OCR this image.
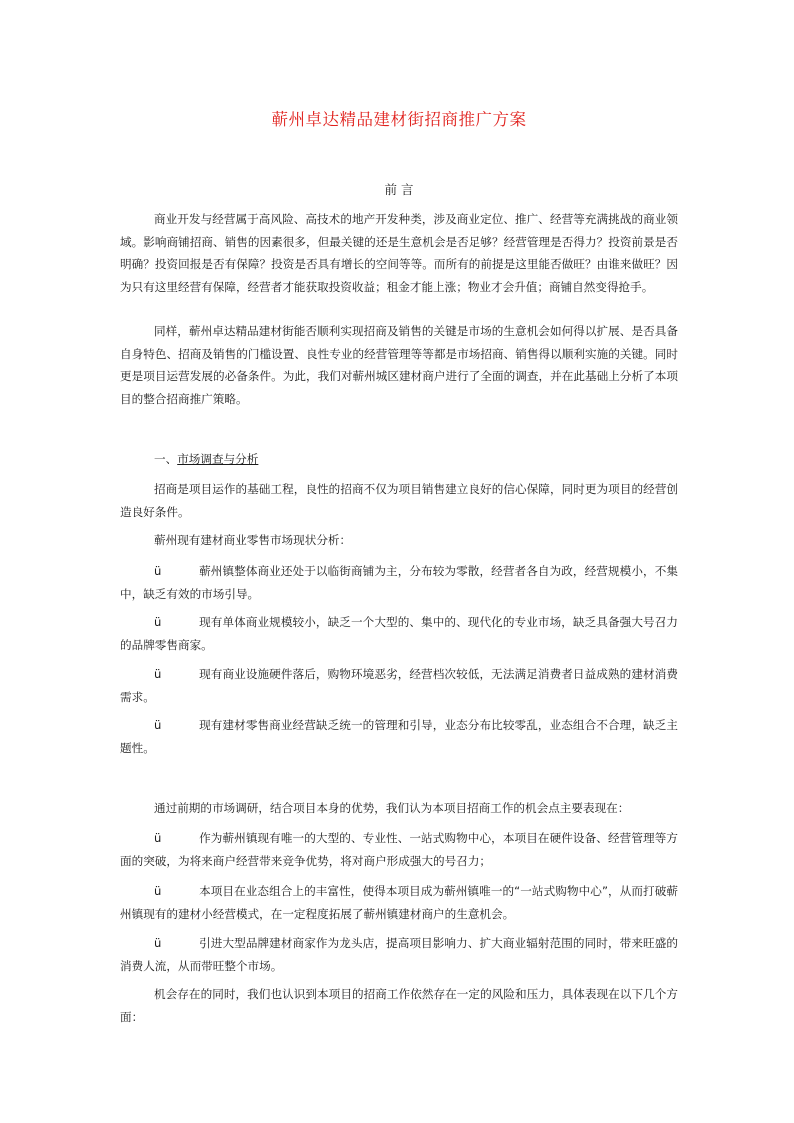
蕲州卓达精品建材街招商推广方案
前 言

商业开发与经营属于高风险、高技术的地产开发种类，涉及商业定位、推广、经营等充满挑战的商业领域。影响商铺招商、销售的因素很多，但最关键的还是生意机会是否足够？经营管理是否得力？投资前景是否明确？投资回报是否有保障？投资是否具有增长的空间等等。而所有的前提是这里能否做旺？由谁来做旺？因为只有这里经营有保障，经营者才能获取投资收益；租金才能上涨；物业才会升值；商铺自然变得抢手。

同样，蕲州卓达精品建材街能否顺利实现招商及销售的关键是市场的生意机会如何得以扩展、是否具备自身特色、招商及销售的门槛设置、良性专业的经营管理等等都是市场招商、销售得以顺利实施的关键。同时更是项目运营发展的必备条件。为此，我们对蕲州城区建材商户进行了全面的调查，并在此基础上分析了本项目的整合招商推广策略。

一、市场调查与分析

招商是项目运作的基础工程，良性的招商不仅为项目销售建立良好的信心保障，同时更为项目的经营创造良好条件。

蕲州现有建材商业零售市场现状分析：

ü	蕲州镇整体商业还处于以临街商铺为主，分布较为零散，经营者各自为政，经营规模小，不集中，缺乏有效的市场引导。

ü	现有单体商业规模较小，缺乏一个大型的、集中的、现代化的专业市场，缺乏具备强大号召力的品牌零售商家。

ü	现有商业设施硬件落后，购物环境恶劣，经营档次较低，无法满足消费者日益成熟的建材消费需求。

ü	现有建材零售商业经营缺乏统一的管理和引导，业态分布比较零乱，业态组合不合理，缺乏主题性。

通过前期的市场调研，结合项目本身的优势，我们认为本项目招商工作的机会点主要表现在：

ü	作为蕲州镇现有唯一的大型的、专业性、一站式购物中心，本项目在硬件设备、经营管理等方面的突破，为将来商户经营带来竞争优势，将对商户形成强大的号召力；

ü	本项目在业态组合上的丰富性，使得本项目成为蕲州镇唯一的“一站式购物中心”，从而打破蕲州镇现有的建材小经营模式，在一定程度拓展了蕲州镇建材商户的生意机会。

ü	引进大型品牌建材商家作为龙头店，提高项目影响力、扩大商业辐射范围的同时，带来旺盛的消费人流，从而带旺整个市场。

机会存在的同时，我们也认识到本项目的招商工作依然存在一定的风险和压力，具体表现在以下几个方面：
